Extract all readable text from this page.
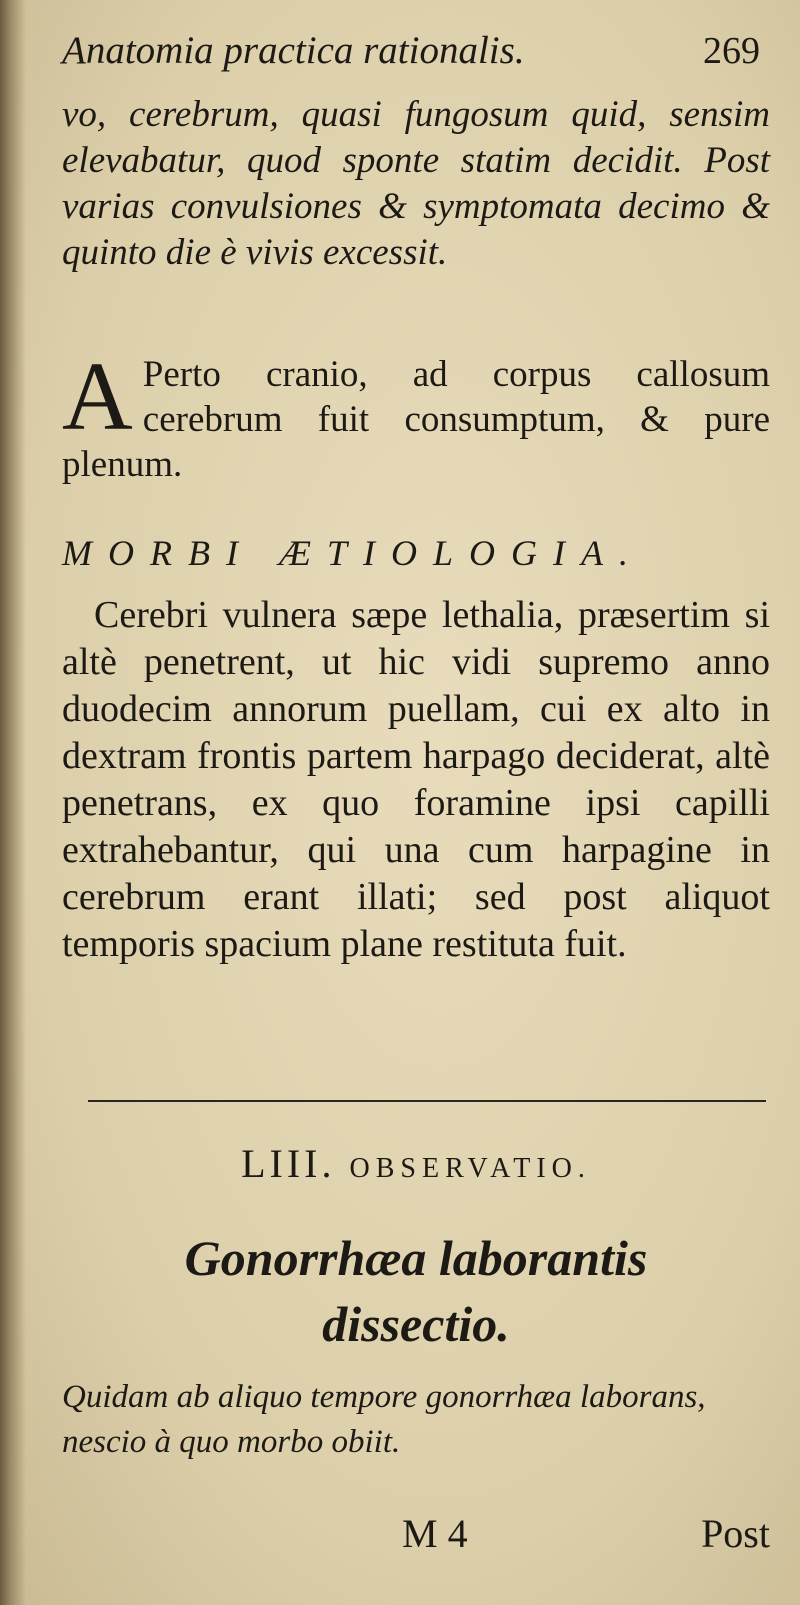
Anatomia practica rationalis.	269

vo, cerebrum, quasi fungosum quid, sensim elevabatur, quod sponte statim decidit. Post varias convulsiones & symptomata decimo & quinto die è vivis excessit.

A Perto cranio, ad corpus callosum cerebrum fuit consumptum, & pure plenum.

MORBI ÆTIOLOGIA.

Cerebri vulnera sæpe lethalia, præsertim si altè penetrent, ut hic vidi supremo anno duodecim annorum puellam, cui ex alto in dextram frontis partem harpago deciderat, altè penetrans, ex quo foramine ipsi capilli extrahebantur, qui una cum harpagine in cerebrum erant illati; sed post aliquot temporis spacium plane restituta fuit.

LIII. OBSERVATIO.
Gonorrhæa laborantis
dissectio.

Quidam ab aliquo tempore gonorrhæa laborans, nescio à quo morbo obiit.

M 4	Post
